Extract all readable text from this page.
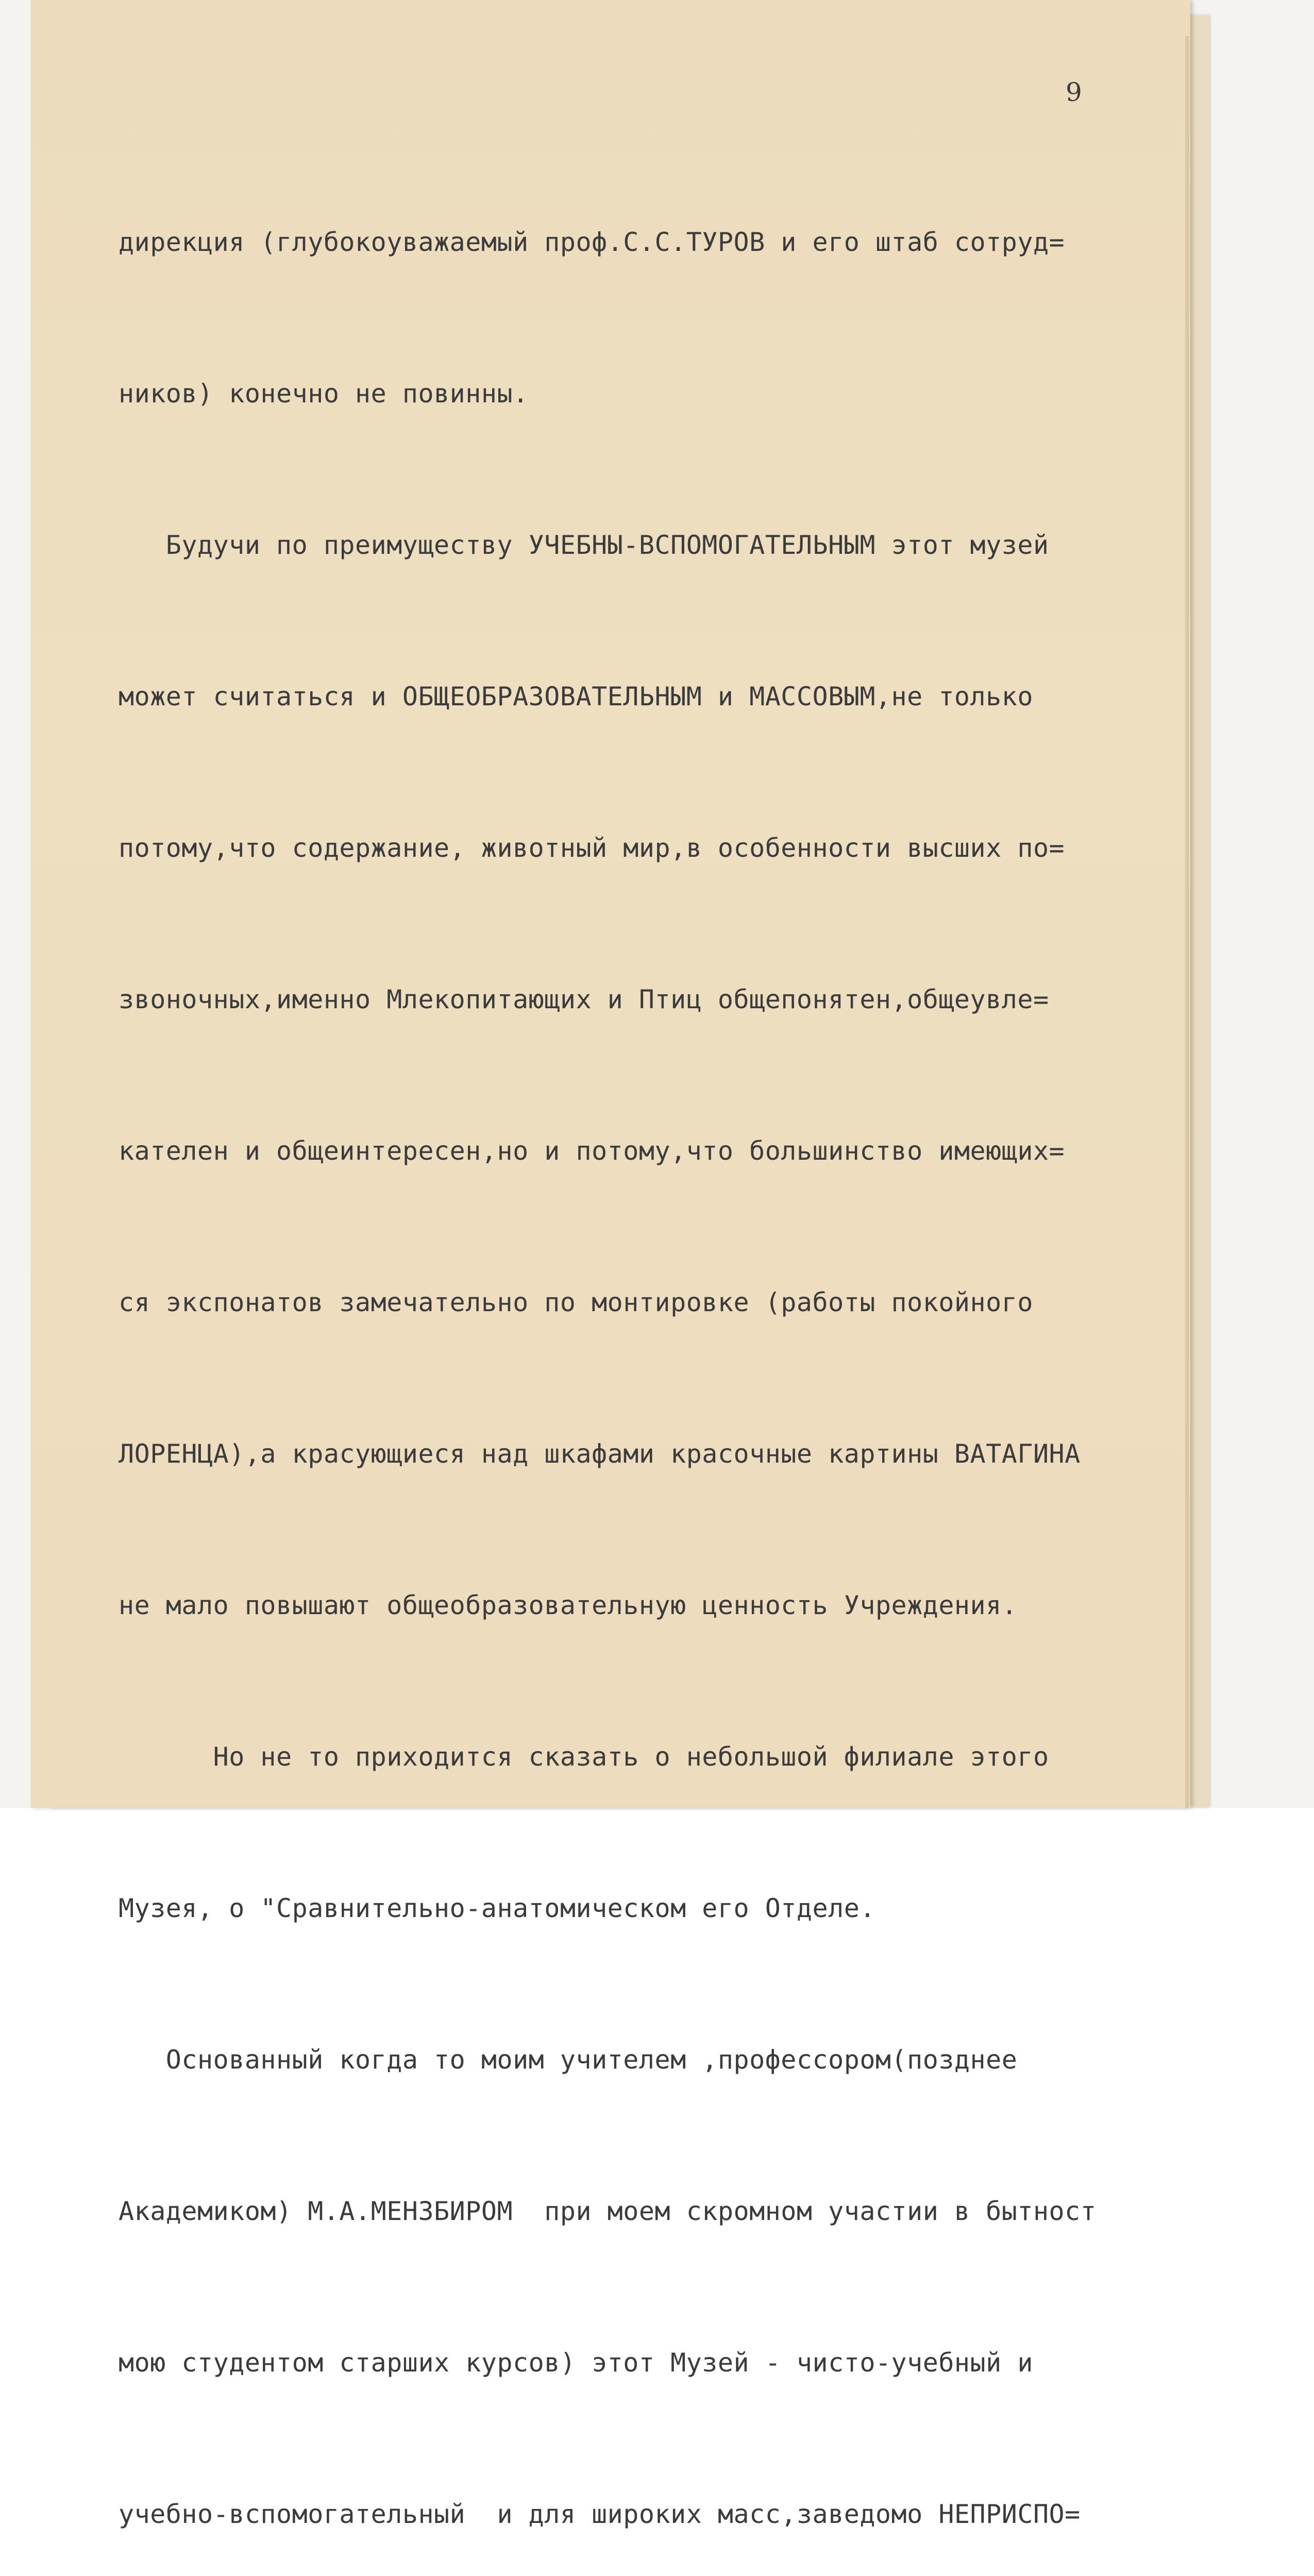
9

дирекция (глубокоуважаемый проф.С.С.ТУРОВ и его штаб сотруд=

ников) конечно не повинны.

Будучи по преимуществу УЧЕБНЫ-ВСПОМОГАТЕЛЬНЫМ этот музей

может считаться и ОБЩЕОБРАЗОВАТЕЛЬНЫМ и МАССОВЫМ,не только

потому,что содержание, животный мир,в особенности высших по=

звоночных,именно Млекопитающих и Птиц общепонятен,общеувле=

кателен и общеинтересен,но и потому,что большинство имеющих=

ся экспонатов замечательно по монтировке (работы покойного

ЛОРЕНЦА),а красующиеся над шкафами красочные картины ВАТАГИНА

не мало повышают общеобразовательную ценность Учреждения.

Но не то приходится сказать о небольшой филиале этого

Музея, о "Сравнительно-анатомическом его Отделе.

Основанный когда то моим учителем ,профессором(позднее

Академиком) М.А.МЕНЗБИРОМ  при моем скромном участии в бытност

мою студентом старших курсов) этот Музей - чисто-учебный и

учебно-вспомогательный  и для широких масс,заведомо НЕПРИСПО=
